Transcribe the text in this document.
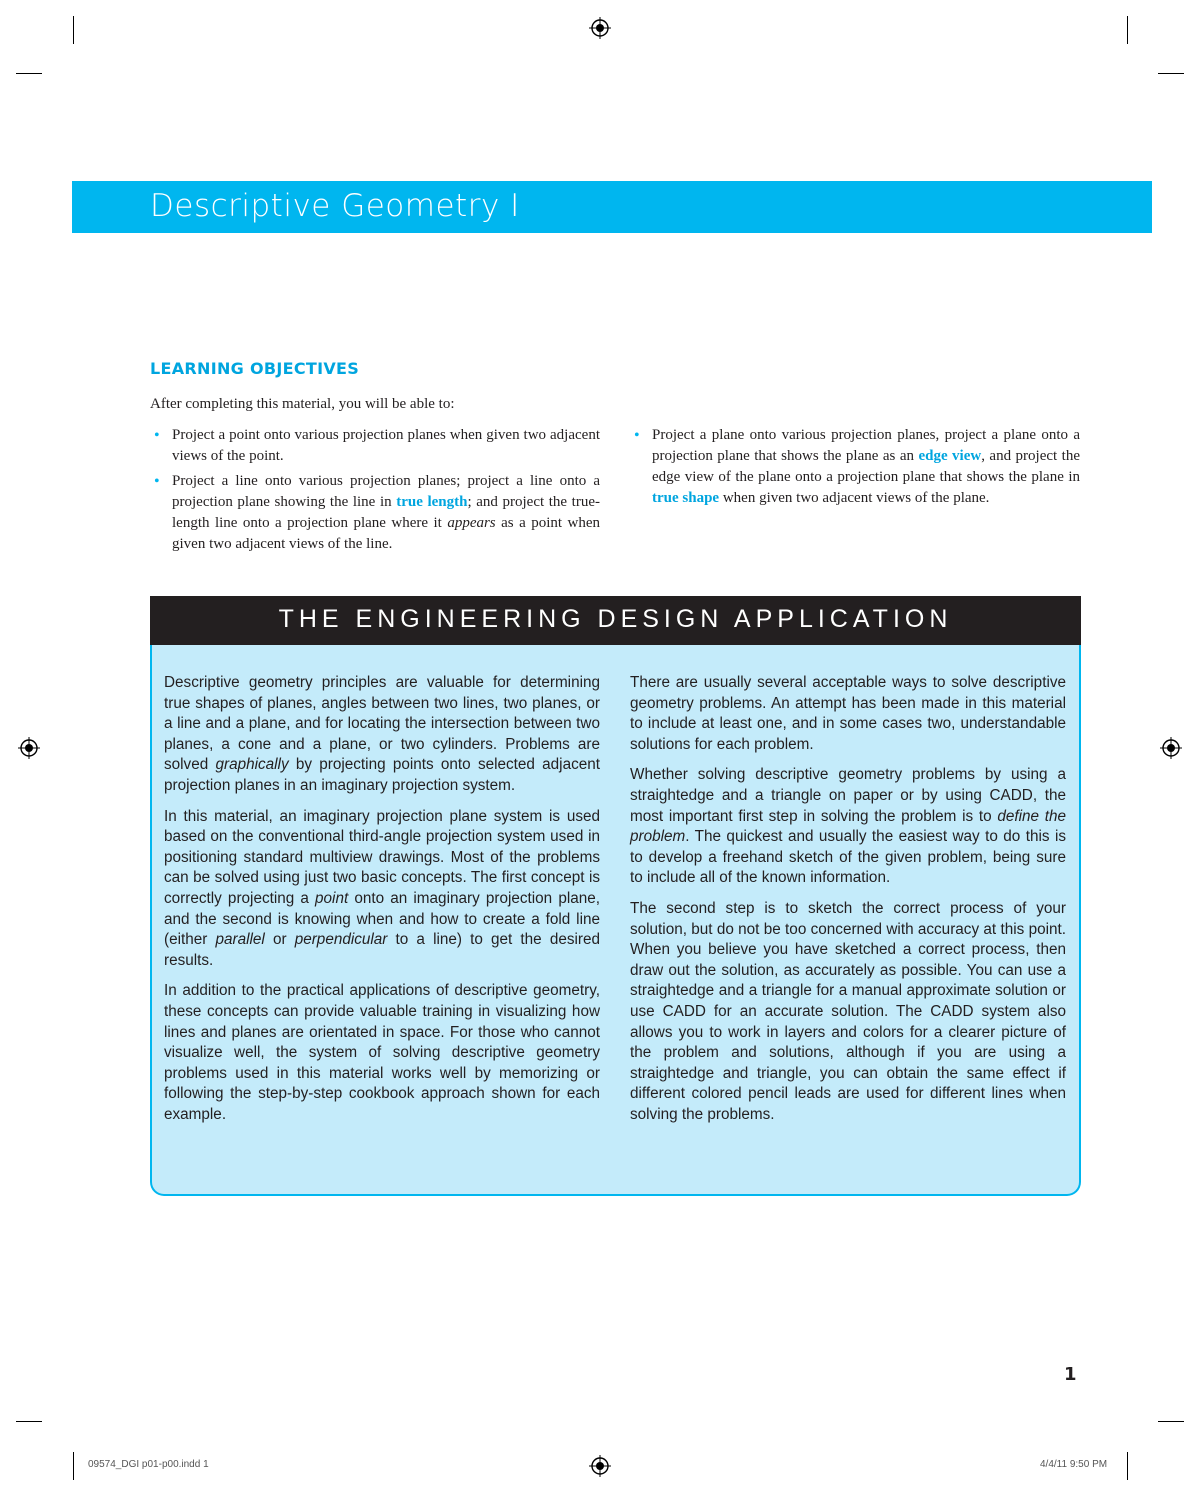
Descriptive Geometry I
LEARNING OBJECTIVES
After completing this material, you will be able to:
• Project a point onto various projection planes when given two adjacent views of the point.
• Project a line onto various projection planes; project a line onto a projection plane showing the line in true length; and project the true-length line onto a projection plane where it appears as a point when given two adjacent views of the line.
• Project a plane onto various projection planes, project a plane onto a projection plane that shows the plane as an edge view, and project the edge view of the plane onto a projection plane that shows the plane in true shape when given two adjacent views of the plane.
THE ENGINEERING DESIGN APPLICATION

Descriptive geometry principles are valuable for determining true shapes of planes, angles between two lines, two planes, or a line and a plane, and for locating the intersection between two planes, a cone and a plane, or two cylinders. Problems are solved graphically by projecting points onto selected adjacent projection planes in an imaginary projection system.

In this material, an imaginary projection plane system is used based on the conventional third-angle projection system used in positioning standard multiview drawings. Most of the problems can be solved using just two basic concepts. The first concept is correctly projecting a point onto an imaginary projection plane, and the second is knowing when and how to create a fold line (either parallel or perpendicular to a line) to get the desired results.

In addition to the practical applications of descriptive geometry, these concepts can provide valuable training in visualizing how lines and planes are orientated in space. For those who cannot visualize well, the system of solving descriptive geometry problems used in this material works well by memorizing or following the step-by-step cookbook approach shown for each example.

There are usually several acceptable ways to solve descriptive geometry problems. An attempt has been made in this material to include at least one, and in some cases two, understandable solutions for each problem.

Whether solving descriptive geometry problems by using a straightedge and a triangle on paper or by using CADD, the most important first step in solving the problem is to define the problem. The quickest and usually the easiest way to do this is to develop a freehand sketch of the given problem, being sure to include all of the known information.

The second step is to sketch the correct process of your solution, but do not be too concerned with accuracy at this point. When you believe you have sketched a correct process, then draw out the solution, as accurately as possible. You can use a straightedge and a triangle for a manual approximate solution or use CADD for an accurate solution. The CADD system also allows you to work in layers and colors for a clearer picture of the problem and solutions, although if you are using a straightedge and triangle, you can obtain the same effect if different colored pencil leads are used for different lines when solving the problems.

1
09574_DGI p01-p00.indd 1	4/4/11 9:50 PM
